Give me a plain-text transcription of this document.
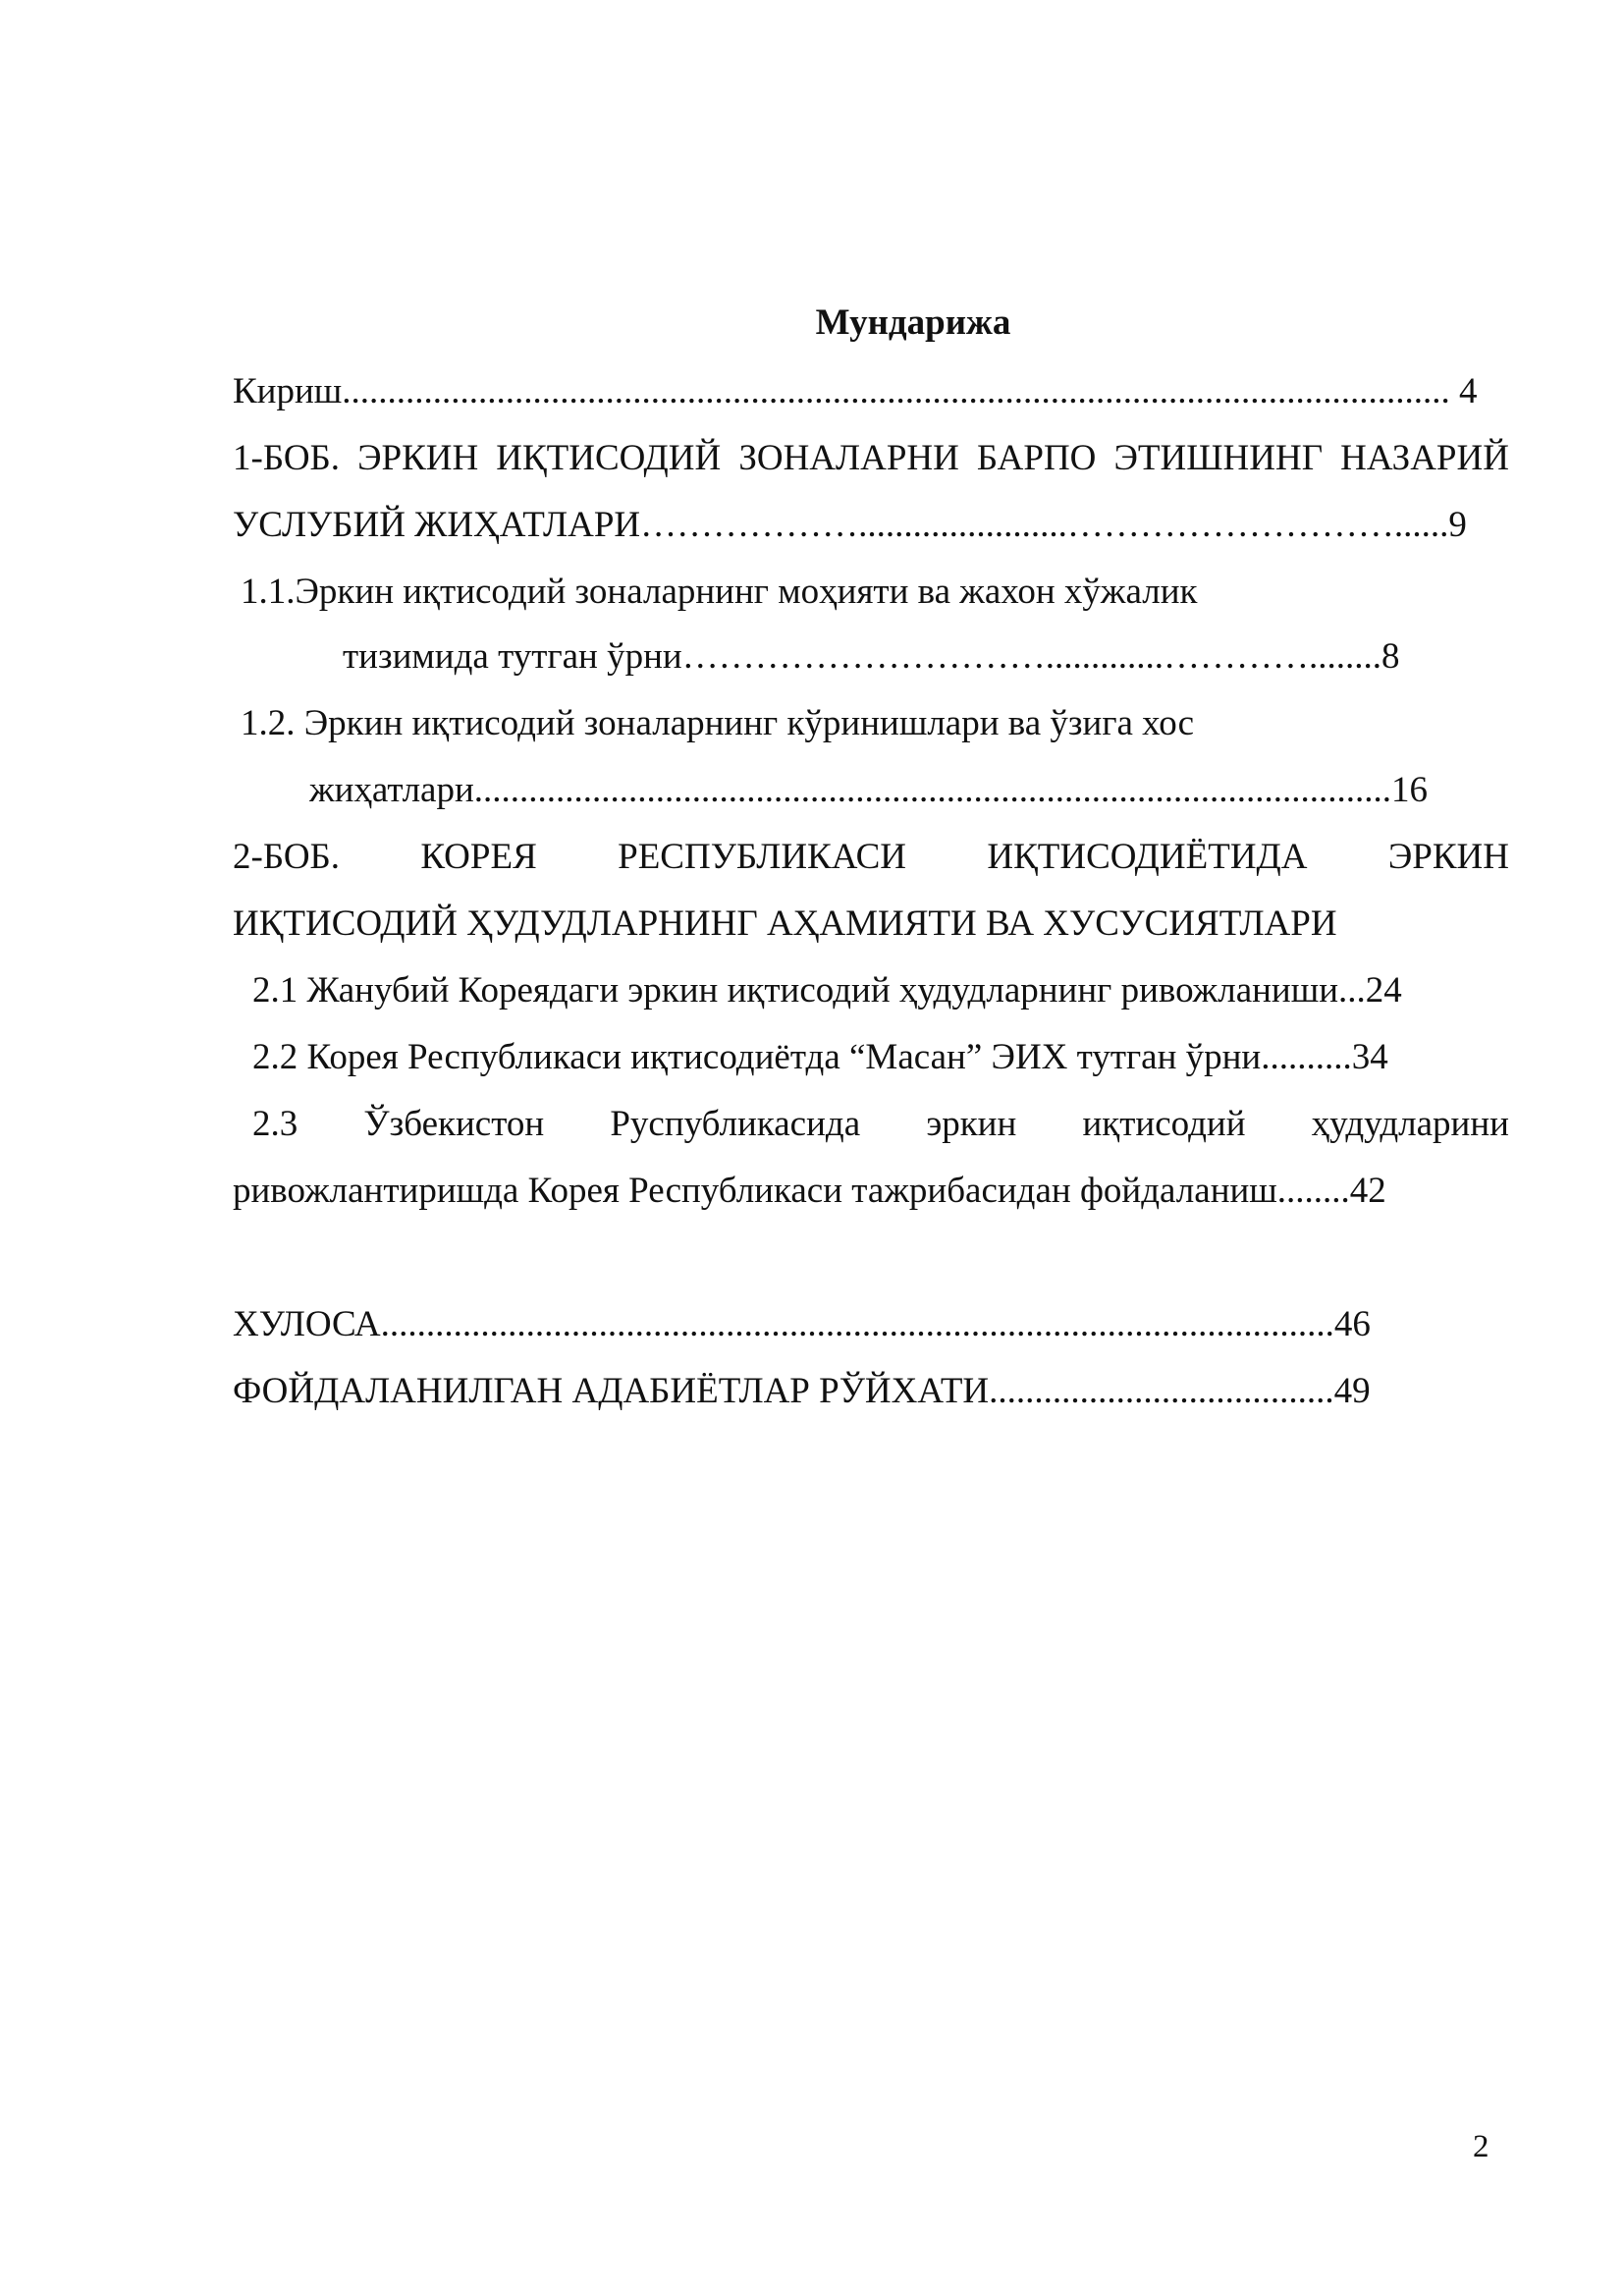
Мундарижа
Кириш.......................................................................................................................... 4
1-БОБ. ЭРКИН ИҚТИСОДИЙ ЗОНАЛАРНИ БАРПО ЭТИШНИНГ НАЗАРИЙ
УСЛУБИЙ ЖИҲАТЛАРИ……………….......................………………………......9
1.1.Эркин иқтисодий зоналарнинг моҳияти ва жахон хўжалик
тизимида тутган ўрни………………………….............…………........8
1.2. Эркин иқтисодий зоналарнинг кўринишлари ва ўзига хос
жиҳатлари.....................................................................................................16
2-БОБ. КОРЕЯ РЕСПУБЛИКАСИ ИҚТИСОДИЁТИДА ЭРКИН
ИҚТИСОДИЙ ҲУДУДЛАРНИНГ АҲАМИЯТИ ВА ХУСУСИЯТЛАРИ
2.1 Жанубий Кореядаги эркин иқтисодий ҳудудларнинг ривожланиши...24
2.2 Корея Республикаси иқтисодиётда “Масан” ЭИХ тутган ўрни..........34
2.3 Ўзбекистон Руспубликасида эркин иқтисодий ҳудудларини
ривожлантиришда Корея Республикаси тажрибасидан фойдаланиш........42
ХУЛОСА.........................................................................................................46
ФОЙДАЛАНИЛГАН АДАБИЁТЛАР РЎЙХАТИ......................................49
2
